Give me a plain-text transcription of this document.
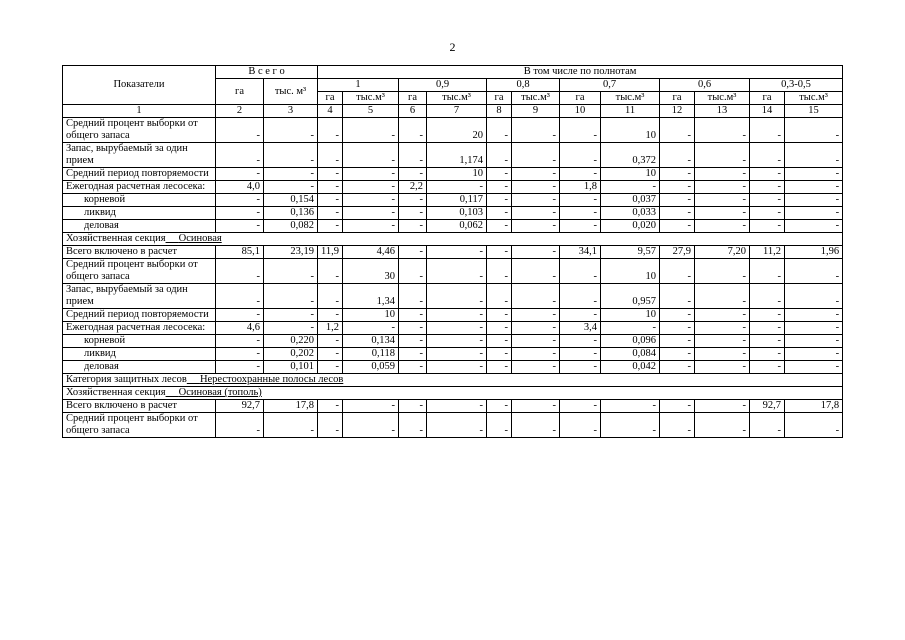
2
Показатели	В с е г о		В том числе по полнотам											
	га	тыс. м³	1		0,9		0,8		0,7		0,6		0,3-0,5	
			га	тыс.м³	га	тыс.м³	га	тыс.м³	га	тыс.м³	га	тыс.м³	га	тыс.м³
1	2	3	4	5	6	7	8	9	10	11	12	13	14	15
Средний процент выборки от общего запаса	-	-	-	-	-	20	-	-	-	10	-	-	-	-
Запас, вырубаемый за один прием	-	-	-	-	-	1,174	-	-	-	0,372	-	-	-	-
Средний период повторяемости	-	-	-	-	-	10	-	-	-	10	-	-	-	-
Ежегодная расчетная лесосека:	4,0	-	-	-	2,2	-	-	-	1,8	-	-	-	-	-
корневой	-	0,154	-	-	-	0,117	-	-	-	0,037	-	-	-	-
ликвид	-	0,136	-	-	-	0,103	-	-	-	0,033	-	-	-	-
деловая	-	0,082	-	-	-	0,062	-	-	-	0,020	-	-	-	-
Хозяйственная секция Осиновая														
Всего включено в расчет	85,1	23,19	11,9	4,46	-	-	-	-	34,1	9,57	27,9	7,20	11,2	1,96
Средний процент выборки от общего запаса	-	-	-	30	-	-	-	-	-	10	-	-	-	-
Запас, вырубаемый за один прием	-	-	-	1,34	-	-	-	-	-	0,957	-	-	-	-
Средний период повторяемости	-	-	-	10	-	-	-	-	-	10	-	-	-	-
Ежегодная расчетная лесосека:	4,6	-	1,2	-	-	-	-	-	3,4	-	-	-	-	-
корневой	-	0,220	-	0,134	-	-	-	-	-	0,096	-	-	-	-
ликвид	-	0,202	-	0,118	-	-	-	-	-	0,084	-	-	-	-
деловая	-	0,101	-	0,059	-	-	-	-	-	0,042	-	-	-	-
Категория защитных лесов Нерестоохранные полосы лесов														
Хозяйственная секция Осиновая (тополь)														
Всего включено в расчет	92,7	17,8	-	-	-	-	-	-	-	-	-	-	92,7	17,8
Средний процент выборки от общего запаса	-	-	-	-	-	-	-	-	-	-	-	-	-	-
